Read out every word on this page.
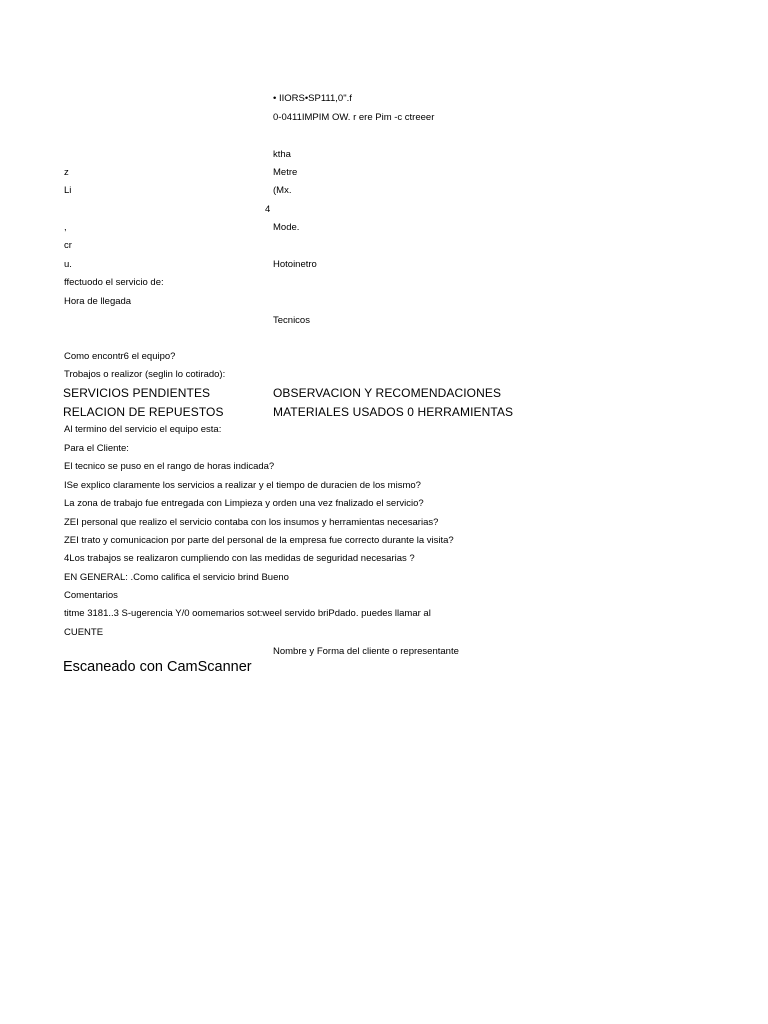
• IIORS•SP111,0".f
0-0411IMPIM OW. r ere Pim -c ctreeer
ktha
z	Metre
Li	(Mx.
4
,	Mode.
cr
u.	Hotoinetro
ffectuodo el servicio de:
Hora de llegada
Tecnicos
Como encontr6 el equipo?
Trobajos o realizor (seglin lo cotirado):
SERVICIOS PENDIENTES	OBSERVACION Y RECOMENDACIONES
RELACION DE REPUESTOS	MATERIALES USADOS 0 HERRAMIENTAS
Al termino del servicio el equipo esta:
Para el Cliente:
El tecnico se puso en el rango de horas indicada?
ISe explico claramente los servicios a realizar y el tiempo de duracien de los mismo?
La zona de trabajo fue entregada con Limpieza y orden una vez fnalizado el servicio?
ZEI personal que realizo el servicio contaba con los insumos y herramientas necesarias?
ZEI trato y comunicacion por parte del personal de la empresa fue correcto durante la visita?
4Los trabajos se realizaron cumpliendo con las medidas de seguridad necesarias ?
EN GENERAL: .Como califica el servicio brind Bueno
Comentarios
titme 3181..3 S-ugerencia Y/0 oomemarios sot:weel servido briPdado. puedes llamar al
CUENTE
Nombre y Forma del cliente o representante
Escaneado con CamScanner
